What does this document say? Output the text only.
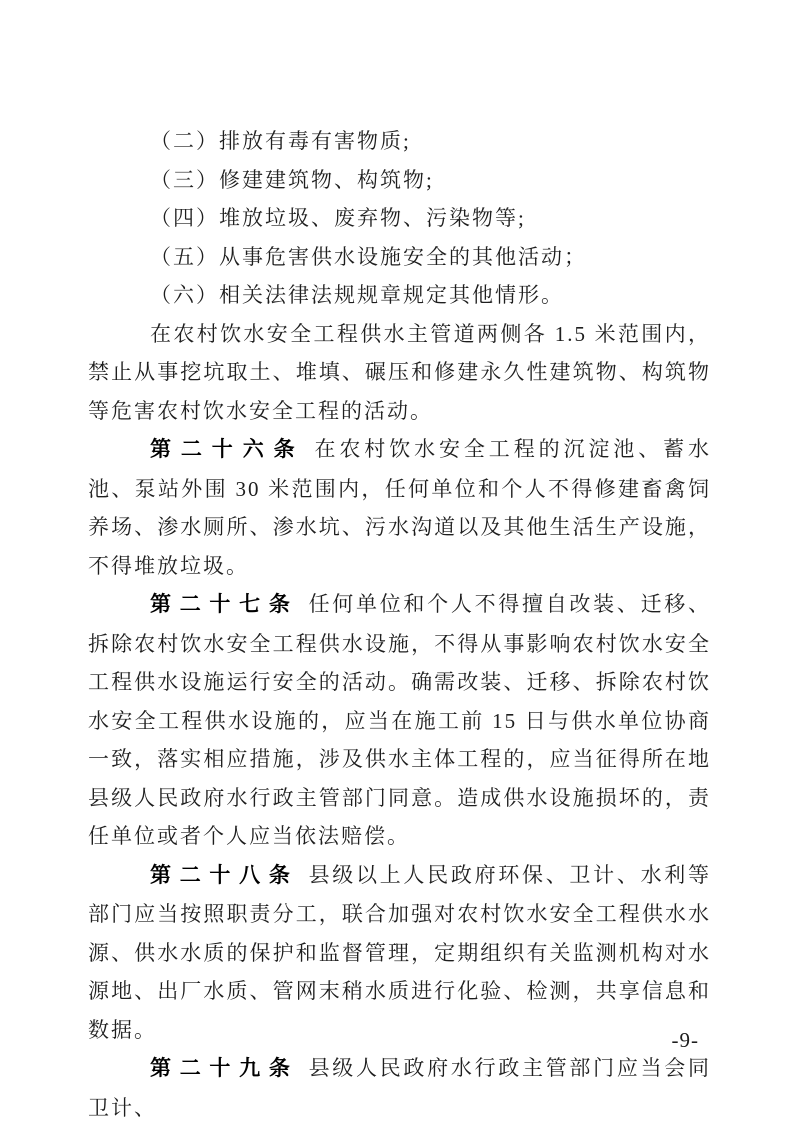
（二）排放有毒有害物质;

（三）修建建筑物、构筑物;

（四）堆放垃圾、废弃物、污染物等;

（五）从事危害供水设施安全的其他活动；

（六）相关法律法规规章规定其他情形。

在农村饮水安全工程供水主管道两侧各 1.5 米范围内，禁止从事挖坑取土、堆填、碾压和修建永久性建筑物、构筑物等危害农村饮水安全工程的活动。

第二十六条 在农村饮水安全工程的沉淀池、蓄水池、泵站外围 30 米范围内，任何单位和个人不得修建畜禽饲养场、渗水厕所、渗水坑、污水沟道以及其他生活生产设施，不得堆放垃圾。

第二十七条 任何单位和个人不得擅自改装、迁移、拆除农村饮水安全工程供水设施，不得从事影响农村饮水安全工程供水设施运行安全的活动。确需改装、迁移、拆除农村饮水安全工程供水设施的，应当在施工前 15 日与供水单位协商一致，落实相应措施，涉及供水主体工程的，应当征得所在地县级人民政府水行政主管部门同意。造成供水设施损坏的，责任单位或者个人应当依法赔偿。

第二十八条 县级以上人民政府环保、卫计、水利等部门应当按照职责分工，联合加强对农村饮水安全工程供水水源、供水水质的保护和监督管理，定期组织有关监测机构对水源地、出厂水质、管网末稍水质进行化验、检测，共享信息和数据。

第二十九条 县级人民政府水行政主管部门应当会同卫计、

-9-
